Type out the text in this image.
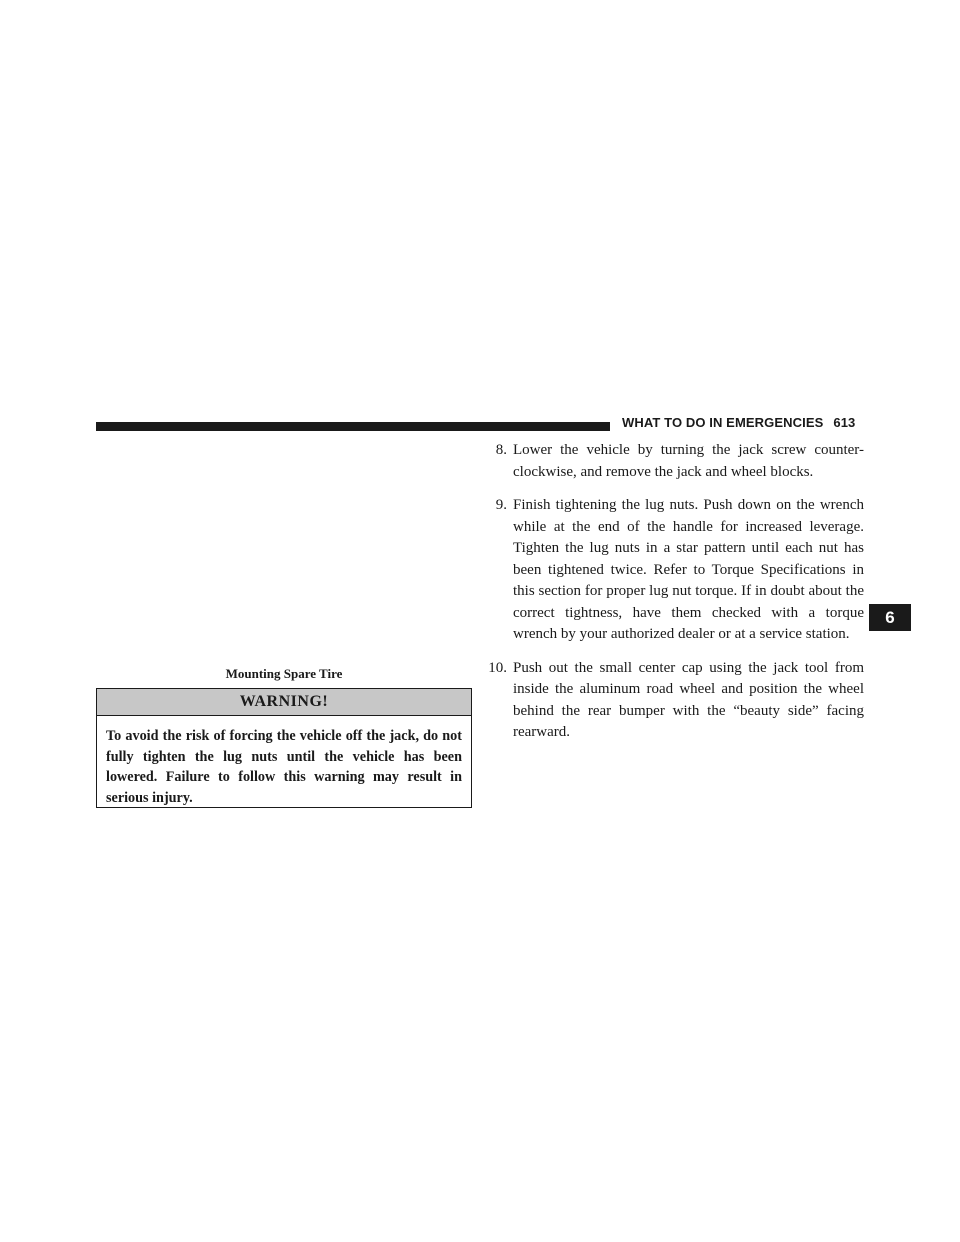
WHAT TO DO IN EMERGENCIES 613
6
Mounting Spare Tire
WARNING!

To avoid the risk of forcing the vehicle off the jack, do not fully tighten the lug nuts until the vehicle has been lowered. Failure to follow this warning may result in serious injury.

8. Lower the vehicle by turning the jack screw counter-clockwise, and remove the jack and wheel blocks.
9. Finish tightening the lug nuts. Push down on the wrench while at the end of the handle for increased leverage. Tighten the lug nuts in a star pattern until each nut has been tightened twice. Refer to Torque Specifications in this section for proper lug nut torque. If in doubt about the correct tightness, have them checked with a torque wrench by your authorized dealer or at a service station.
10. Push out the small center cap using the jack tool from inside the aluminum road wheel and position the wheel behind the rear bumper with the “beauty side” facing rearward.
